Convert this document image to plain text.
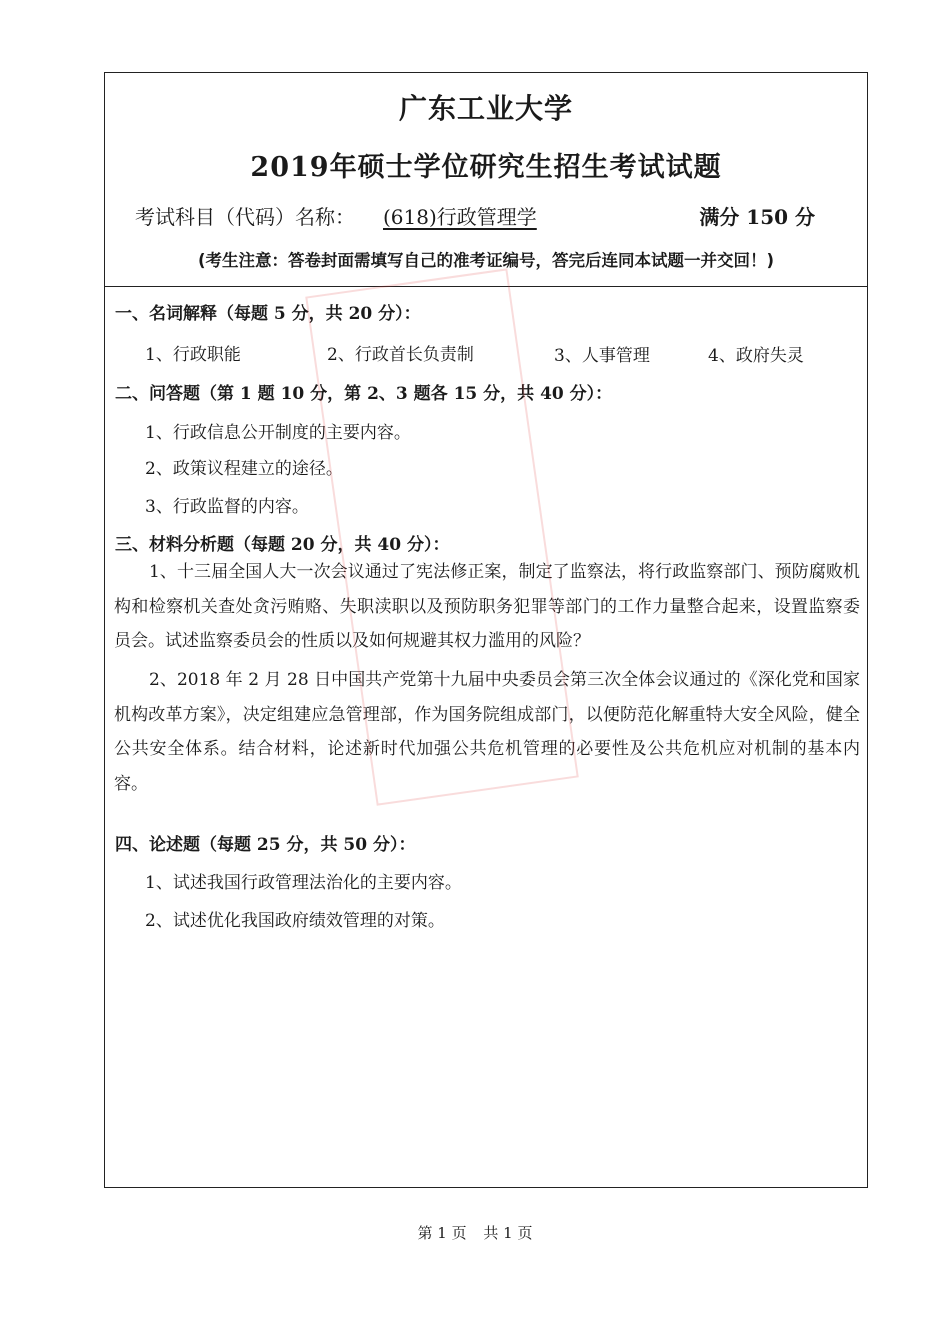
广东工业大学
2019年硕士学位研究生招生考试试题
考试科目（代码）名称： (618)行政管理学	满分 150 分
(考生注意：答卷封面需填写自己的准考证编号，答完后连同本试题一并交回！)
一、名词解释（每题 5 分，共 20 分）：
1、行政职能	2、行政首长负责制	3、人事管理	4、政府失灵
二、问答题（第 1 题 10 分，第 2、3 题各 15 分，共 40 分）：
1、行政信息公开制度的主要内容。
2、政策议程建立的途径。
3、行政监督的内容。
三、材料分析题（每题 20 分，共 40 分）：
1、十三届全国人大一次会议通过了宪法修正案，制定了监察法，将行政监察部门、预防腐败机构和检察机关查处贪污贿赂、失职渎职以及预防职务犯罪等部门的工作力量整合起来，设置监察委员会。试述监察委员会的性质以及如何规避其权力滥用的风险？
2、2018 年 2 月 28 日中国共产党第十九届中央委员会第三次全体会议通过的《深化党和国家机构改革方案》，决定组建应急管理部，作为国务院组成部门，以便防范化解重特大安全风险，健全公共安全体系。结合材料，论述新时代加强公共危机管理的必要性及公共危机应对机制的基本内容。
四、论述题（每题 25 分，共 50 分）：
1、试述我国行政管理法治化的主要内容。
2、试述优化我国政府绩效管理的对策。
第 1 页 共 1 页
